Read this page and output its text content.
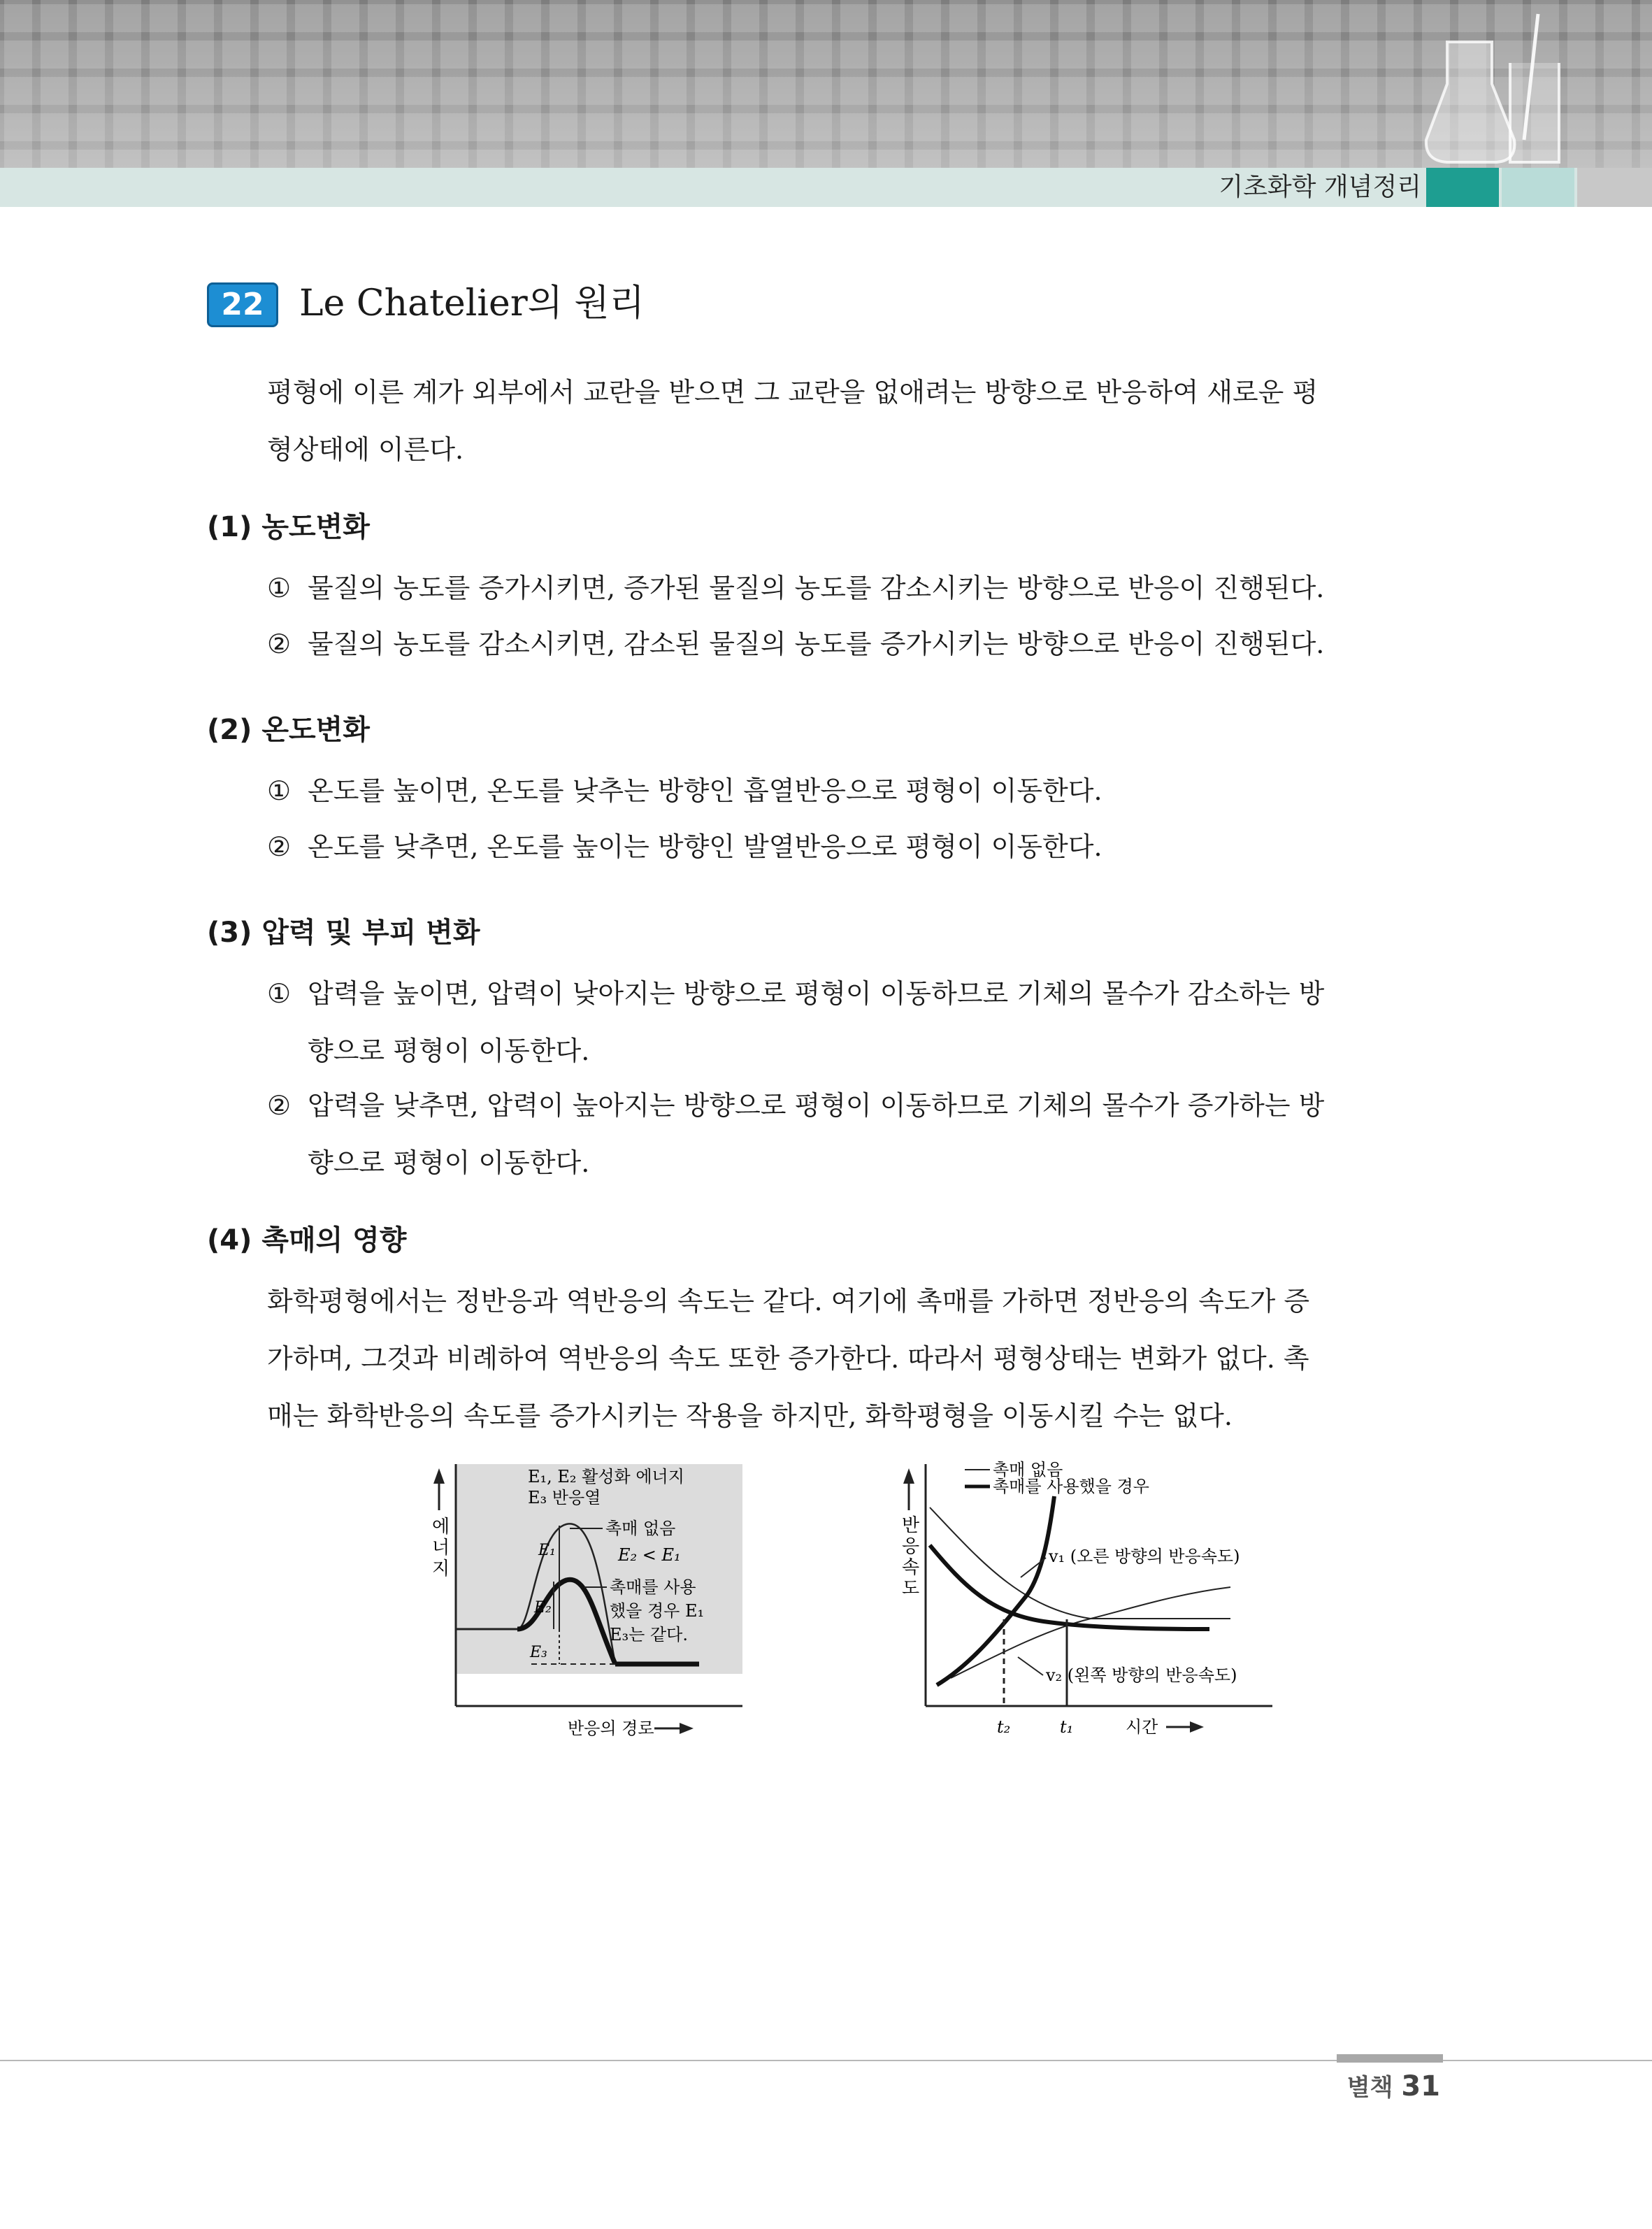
기초화학 개념정리
22 Le Chatelier의 원리
평형에 이른 계가 외부에서 교란을 받으면 그 교란을 없애려는 방향으로 반응하여 새로운 평
형상태에 이른다.
(1) 농도변화
① 물질의 농도를 증가시키면, 증가된 물질의 농도를 감소시키는 방향으로 반응이 진행된다.
② 물질의 농도를 감소시키면, 감소된 물질의 농도를 증가시키는 방향으로 반응이 진행된다.
(2) 온도변화
① 온도를 높이면, 온도를 낮추는 방향인 흡열반응으로 평형이 이동한다.
② 온도를 낮추면, 온도를 높이는 방향인 발열반응으로 평형이 이동한다.
(3) 압력 및 부피 변화
① 압력을 높이면, 압력이 낮아지는 방향으로 평형이 이동하므로 기체의 몰수가 감소하는 방
향으로 평형이 이동한다.
② 압력을 낮추면, 압력이 높아지는 방향으로 평형이 이동하므로 기체의 몰수가 증가하는 방
향으로 평형이 이동한다.
(4) 촉매의 영향
화학평형에서는 정반응과 역반응의 속도는 같다. 여기에 촉매를 가하면 정반응의 속도가 증
가하며, 그것과 비례하여 역반응의 속도 또한 증가한다. 따라서 평형상태는 변화가 없다. 촉
매는 화학반응의 속도를 증가시키는 작용을 하지만, 화학평형을 이동시킬 수는 없다.
에
너
지
E₁
E₂
E₃
E₁, E₂ 활성화 에너지
E₃ 반응열
촉매 없음
E₂ < E₁
촉매를 사용
했을 경우 E₁
E₃는 같다.
반응의 경로
반
응
속
도
촉매 없음
촉매를 사용했을 경우
t₂	t₁	시간
v₁ (오른 방향의 반응속도)
v₂ (왼쪽 방향의 반응속도)
별책 31
